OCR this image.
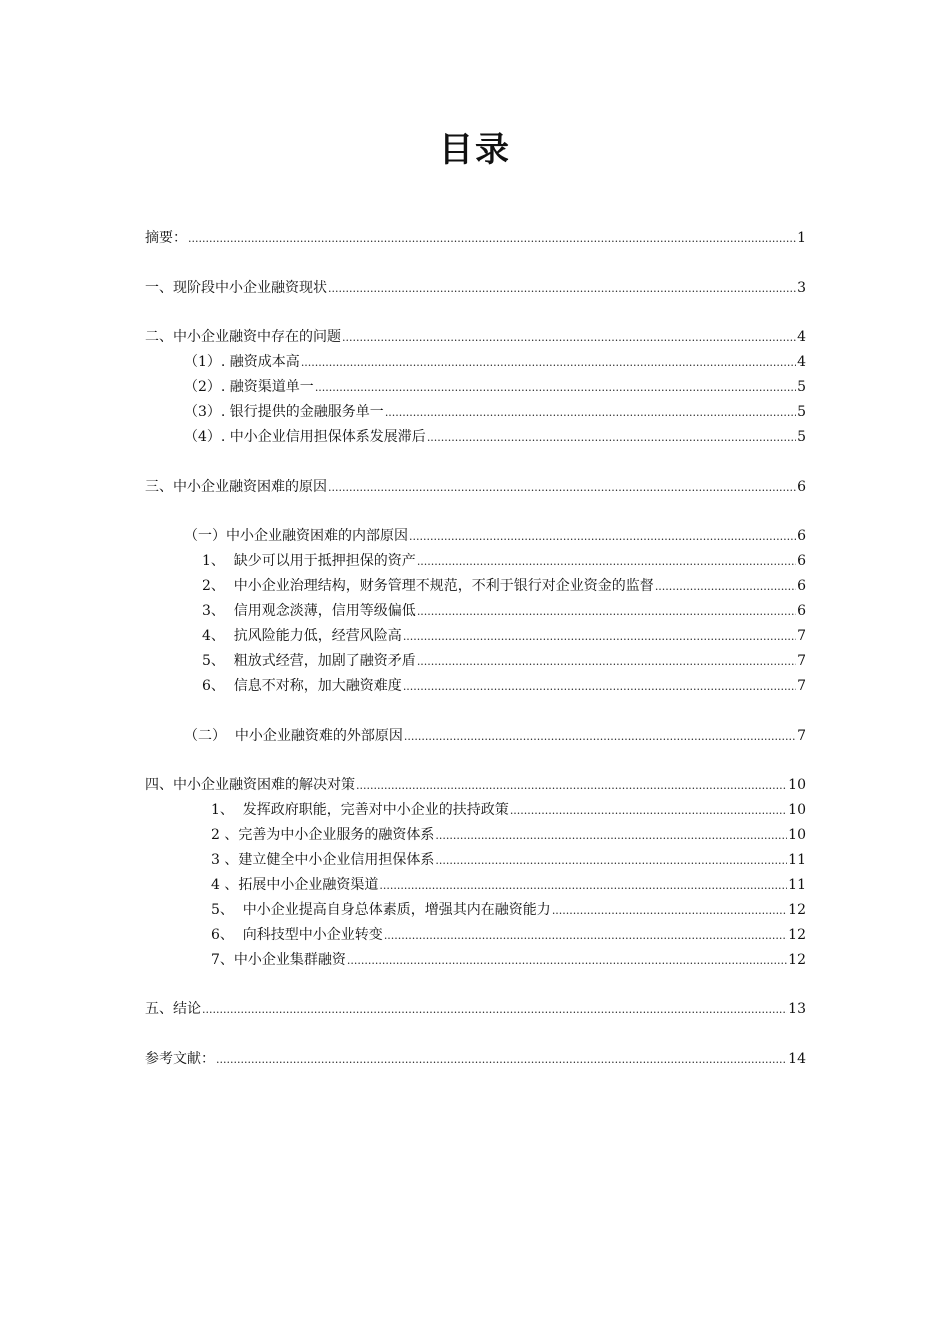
目录
摘要： .....	1
一、现阶段中小企业融资现状 .....	3
二、中小企业融资中存在的问题 .....	4
（1）. 融资成本高 .....	4
（2）. 融资渠道单一 .....	5
（3）. 银行提供的金融服务单一 .....	5
（4）. 中小企业信用担保体系发展滞后 .....	5
三、中小企业融资困难的原因 .....	6
（一）中小企业融资困难的内部原因 .....	6
1、  缺少可以用于抵押担保的资产 .....	6
2、  中小企业治理结构，财务管理不规范，不利于银行对企业资金的监督 .....	6
3、  信用观念淡薄，信用等级偏低 .....	6
4、  抗风险能力低，经营风险高 .....	7
5、  粗放式经营，加剧了融资矛盾 .....	7
6、  信息不对称，加大融资难度 .....	7
（二）  中小企业融资难的外部原因 .....	7
四、中小企业融资困难的解决对策 .....	10
1、  发挥政府职能，完善对中小企业的扶持政策 .....	10
2 、完善为中小企业服务的融资体系 .....	10
3 、建立健全中小企业信用担保体系 .....	11
4 、拓展中小企业融资渠道 .....	11
5、  中小企业提高自身总体素质，增强其内在融资能力 .....	12
6、  向科技型中小企业转变 .....	12
7、中小企业集群融资 .....	12
五、结论 .....	13
参考文献： .....	14
